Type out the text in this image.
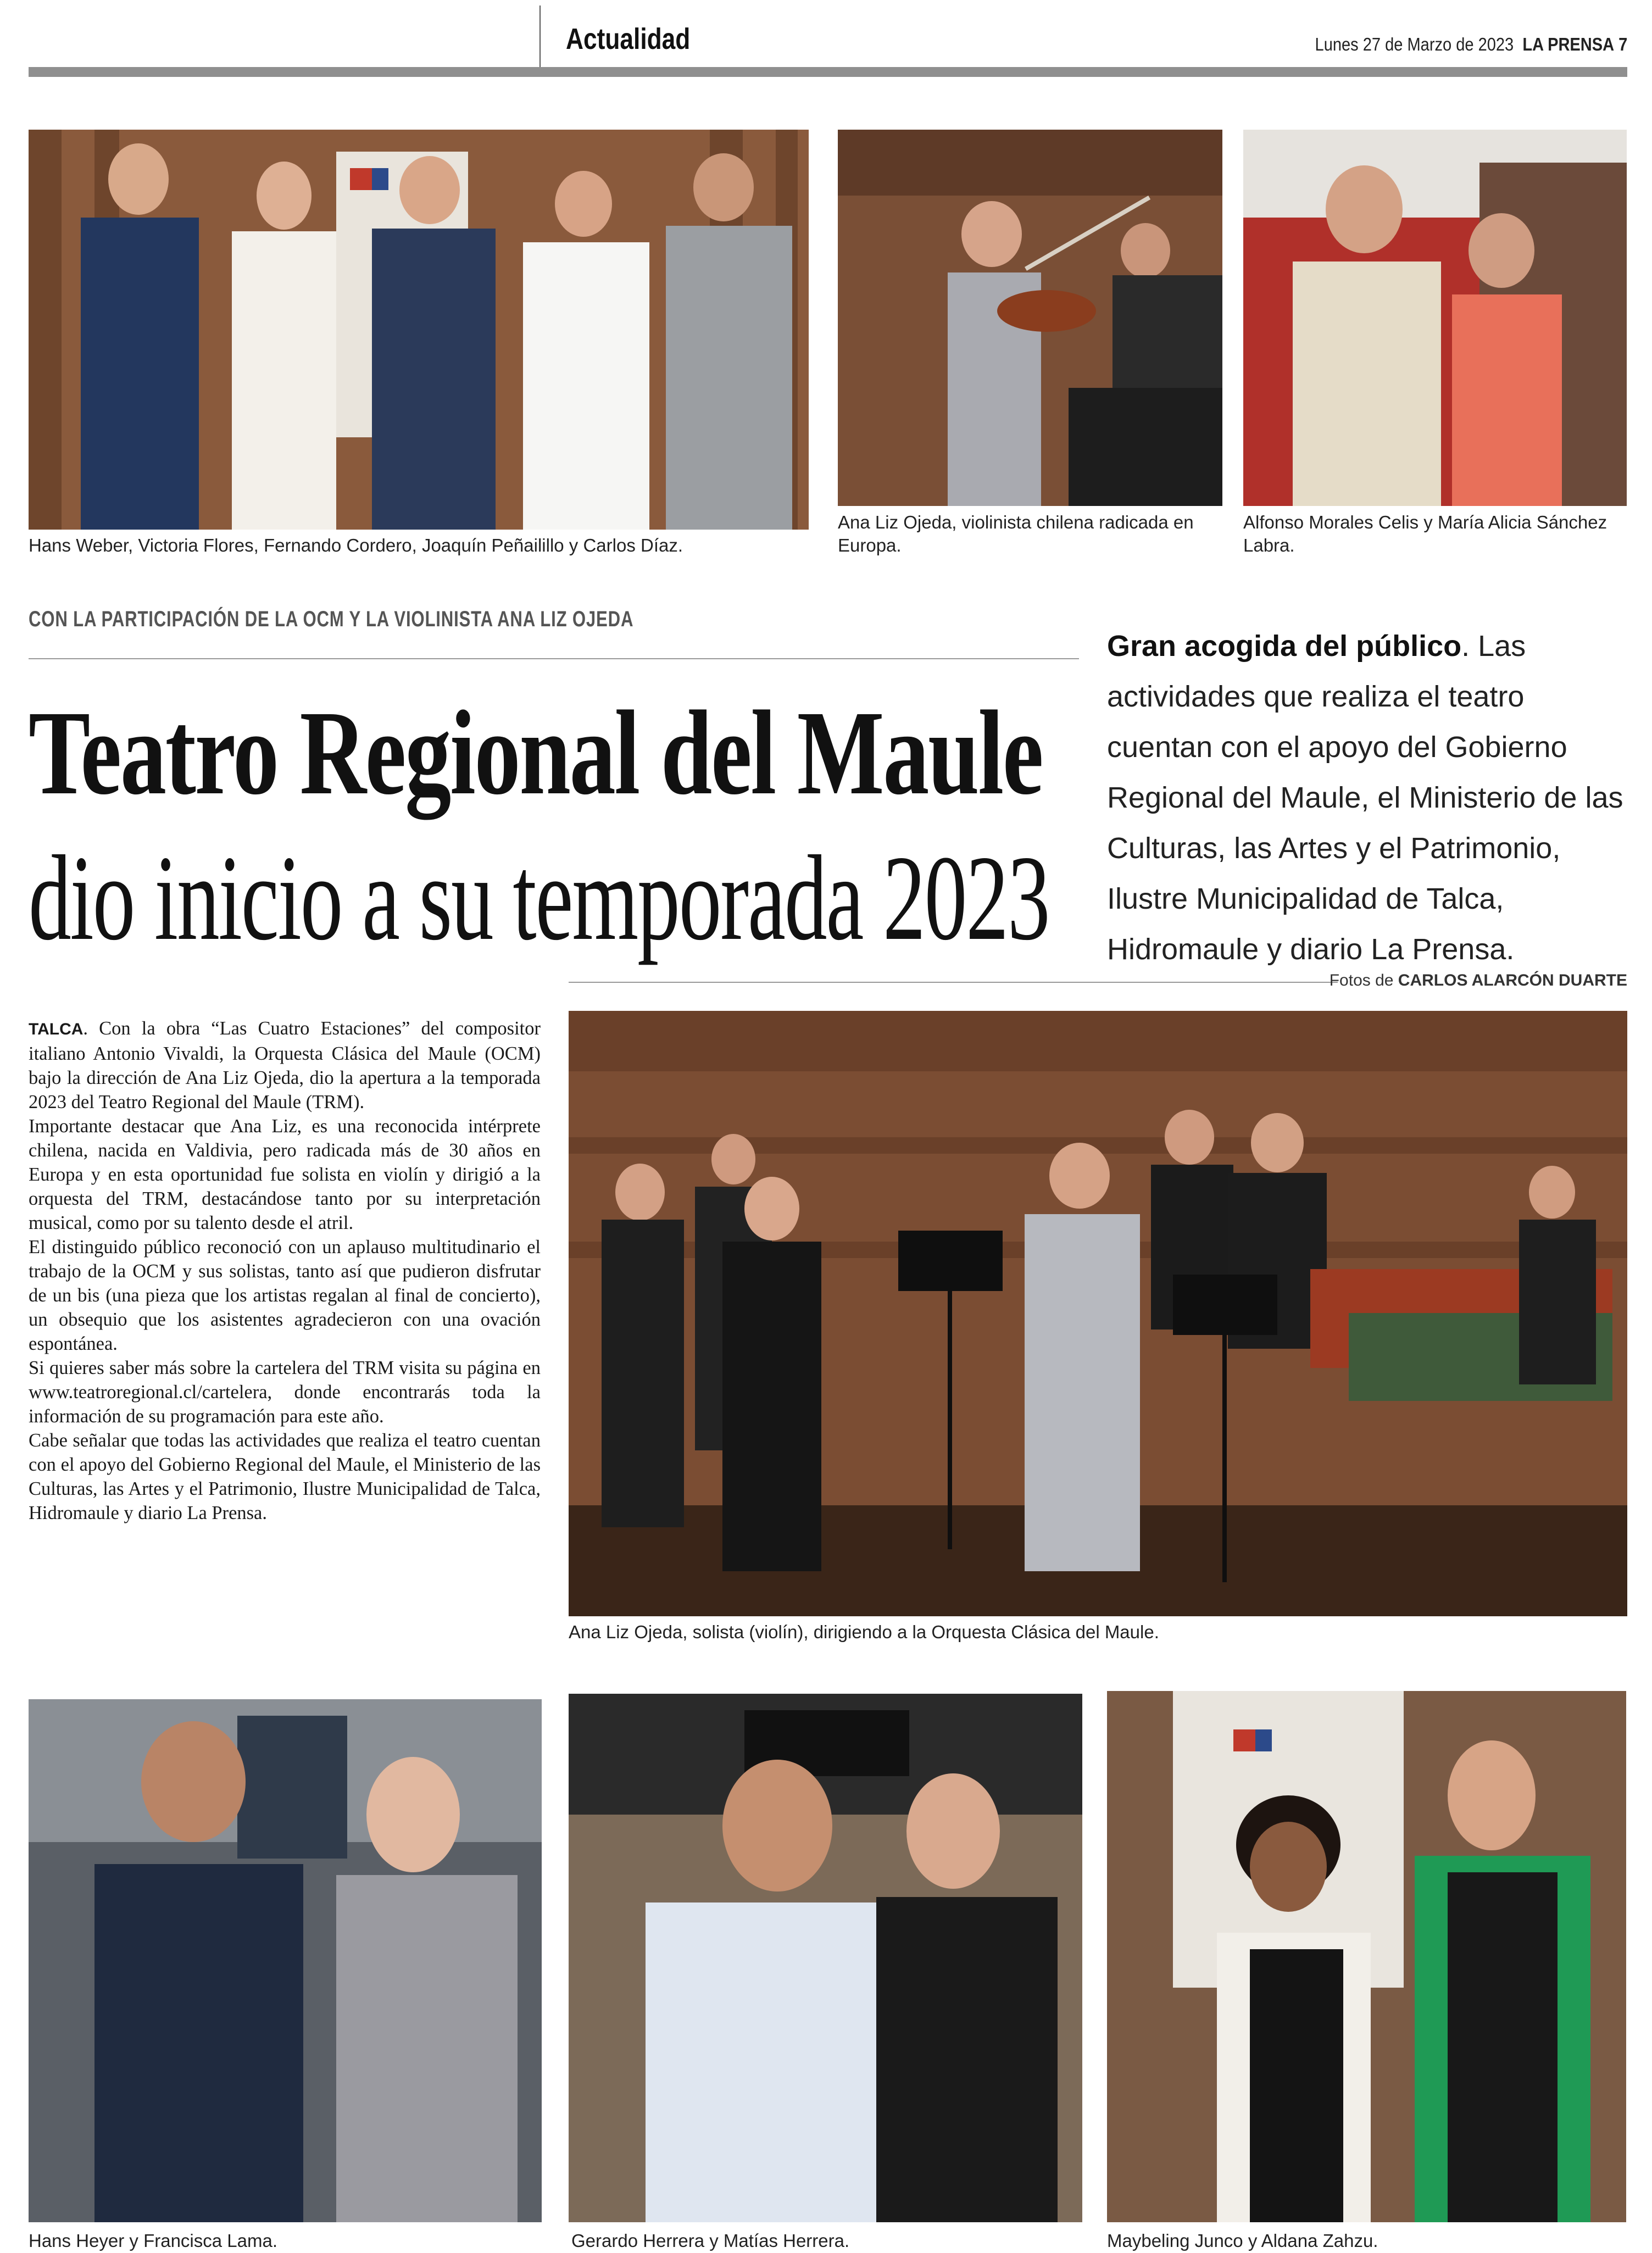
Actualidad	Lunes 27 de Marzo de 2023 LA PRENSA 7
Hans Weber, Victoria Flores, Fernando Cordero, Joaquín Peñailillo y Carlos Díaz.
Ana Liz Ojeda, violinista chilena radicada en Europa.
Alfonso Morales Celis y María Alicia Sánchez Labra.
CON LA PARTICIPACIÓN DE LA OCM Y LA VIOLINISTA ANA LIZ OJEDA
Teatro Regional del Maule
dio inicio a su temporada 2023
Gran acogida del público. Las actividades que realiza el teatro cuentan con el apoyo del Gobierno Regional del Maule, el Ministerio de las Culturas, las Artes y el Patrimonio, Ilustre Municipalidad de Talca, Hidromaule y diario La Prensa.
Fotos de CARLOS ALARCÓN DUARTE

TALCA. Con la obra “Las Cuatro Estaciones” del compositor italiano Antonio Vivaldi, la Orquesta Clásica del Maule (OCM) bajo la dirección de Ana Liz Ojeda, dio la apertura a la temporada 2023 del Teatro Regional del Maule (TRM).

Importante destacar que Ana Liz, es una reconocida intérprete chilena, nacida en Valdivia, pero radicada más de 30 años en Europa y en esta oportunidad fue solista en violín y dirigió a la orquesta del TRM, destacándose tanto por su interpretación musical, como por su talento desde el atril.

El distinguido público reconoció con un aplauso multitudinario el trabajo de la OCM y sus solistas, tanto así que pudieron disfrutar de un bis (una pieza que los artistas regalan al final de concierto), un obsequio que los asistentes agradecieron con una ovación espontánea.

Si quieres saber más sobre la cartelera del TRM visita su página en www.teatroregional.cl/cartelera, donde encontrarás toda la información de su programación para este año.

Cabe señalar que todas las actividades que realiza el teatro cuentan con el apoyo del Gobierno Regional del Maule, el Ministerio de las Culturas, las Artes y el Patrimonio, Ilustre Municipalidad de Talca, Hidromaule y diario La Prensa.

Ana Liz Ojeda, solista (violín), dirigiendo a la Orquesta Clásica del Maule.
Hans Heyer y Francisca Lama.	Gerardo Herrera y Matías Herrera.	Maybeling Junco y Aldana Zahzu.
